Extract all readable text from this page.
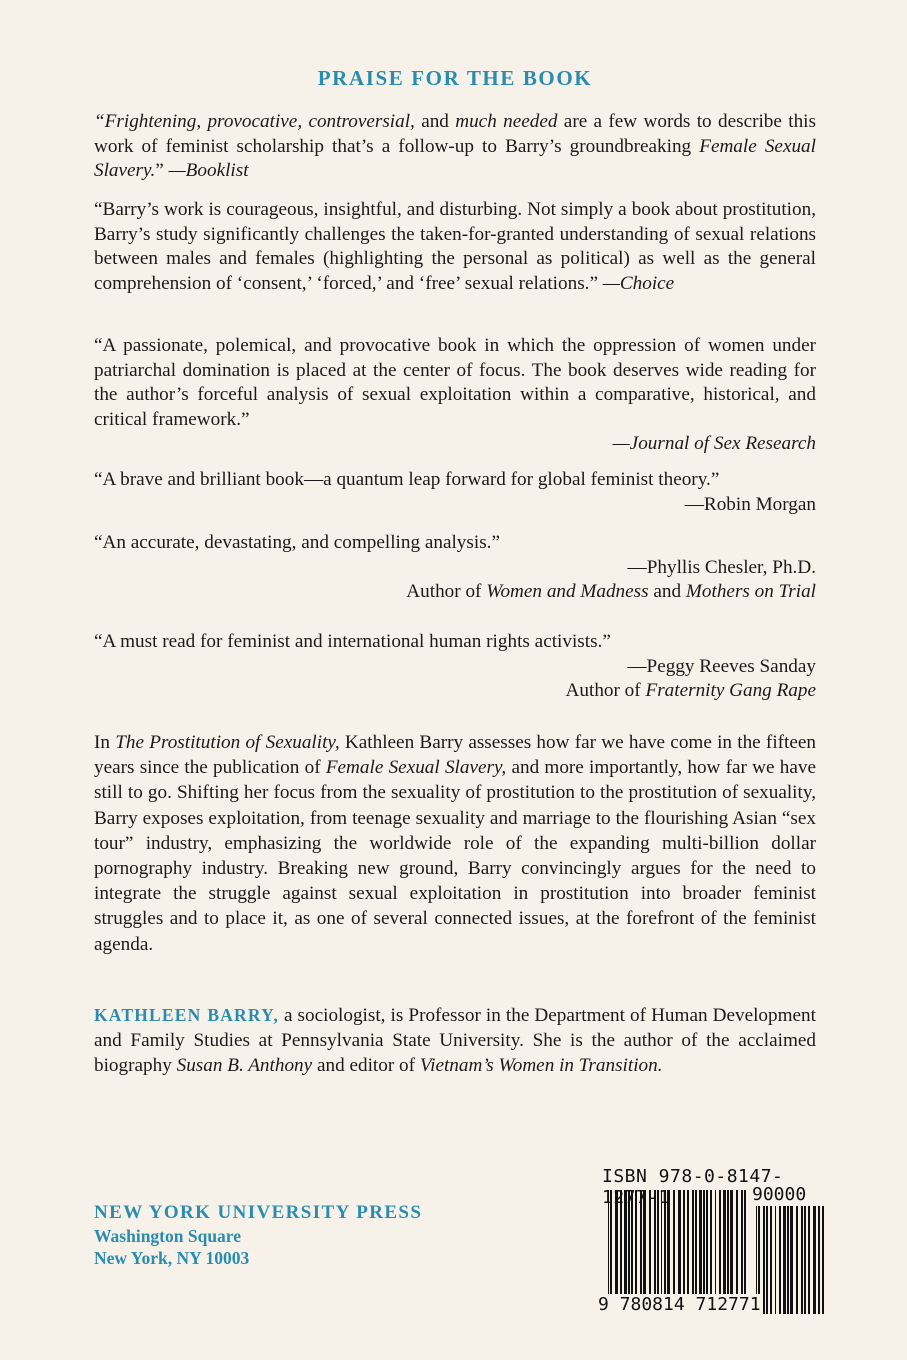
PRAISE FOR THE BOOK

“Frightening, provocative, controversial, and much needed are a few words to describe this work of feminist scholarship that’s a follow-up to Barry’s groundbreaking Female Sexual Slavery.” —Booklist

“Barry’s work is courageous, insightful, and disturbing. Not simply a book about prostitution, Barry’s study significantly challenges the taken-for-granted understanding of sexual relations between males and females (highlighting the personal as political) as well as the general comprehension of ‘consent,’ ‘forced,’ and ‘free’ sexual relations.” —Choice

“A passionate, polemical, and provocative book in which the oppression of women under patriarchal domination is placed at the center of focus. The book deserves wide reading for the author’s forceful analysis of sexual exploitation within a comparative, historical, and critical framework.”

—Journal of Sex Research

“A brave and brilliant book—a quantum leap forward for global feminist theory.”

—Robin Morgan

“An accurate, devastating, and compelling analysis.”

—Phyllis Chesler, Ph.D.

Author of Women and Madness and Mothers on Trial

“A must read for feminist and international human rights activists.”

—Peggy Reeves Sanday

Author of Fraternity Gang Rape

In The Prostitution of Sexuality, Kathleen Barry assesses how far we have come in the fifteen years since the publication of Female Sexual Slavery, and more importantly, how far we have still to go. Shifting her focus from the sexuality of prostitution to the prostitution of sexuality, Barry exposes exploitation, from teenage sexuality and marriage to the flourishing Asian “sex tour” industry, emphasizing the worldwide role of the expanding multi-billion dollar pornography industry. Breaking new ground, Barry convincingly argues for the need to integrate the struggle against sexual exploitation in prostitution into broader feminist struggles and to place it, as one of several connected issues, at the forefront of the feminist agenda.
KATHLEEN BARRY, a sociologist, is Professor in the Department of Human Development and Family Studies at Pennsylvania State University. She is the author of the acclaimed biography Susan B. Anthony and editor of Vietnam’s Women in Transition.
NEW YORK UNIVERSITY PRESS
Washington Square
New York, NY 10003
ISBN 978-0-8147-1277-1	90000
9 780814 712771
